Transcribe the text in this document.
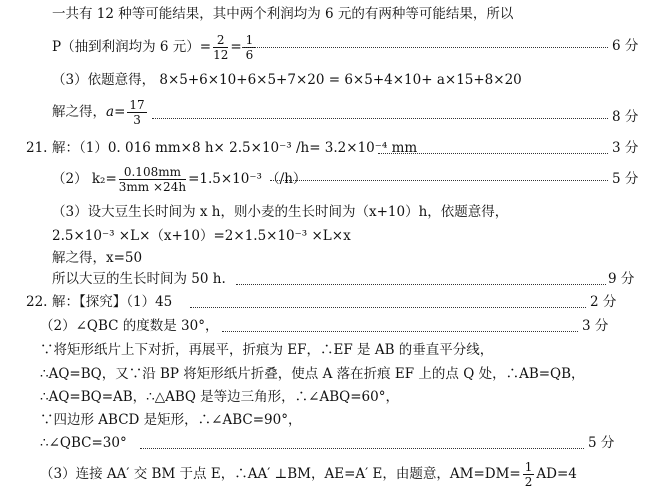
一共有 12 种等可能结果，其中两个利润均为 6 元的有两种等可能结果，所以
P（抽到利润均为 6 元）= $\frac{2}{12} = \frac{1}{6}$	6 分
（3）依题意得， 8×5+6×10+6×5+7×20 = 6×5+4×10+ a×15+8×20
解之得，$a= \frac{17}{3}$	8 分
21. 解：（1）0. 016 mm×8 h× 2.5×10⁻³ /h= 3.2×10⁻⁴ mm	3 分
（2） $k_2= \frac{0.108mm}{3mm \times 24h} =1.5\times 10^{-3}$ （/h）	5 分
（3）设大豆生长时间为 x h，则小麦的生长时间为（x+10）h，依题意得，
2.5×10⁻³ ×L×（x+10）=2×1.5×10⁻³ ×L×x
解之得，x=50
所以大豆的生长时间为 50 h.	9 分
22. 解：【探究】（1）45	2 分
（2）∠QBC 的度数是 30°，	3 分
∵将矩形纸片上下对折，再展平，折痕为 EF，∴EF 是 AB 的垂直平分线，
∴AQ=BQ，又∵沿 BP 将矩形纸片折叠，使点 A 落在折痕 EF 上的点 Q 处，∴AB=QB，
∴AQ=BQ=AB，∴△ABQ 是等边三角形，∴∠ABQ=60°，
∵四边形 ABCD 是矩形，∴∠ABC=90°，
∴∠QBC=30°	5 分
（3）连接 AA′ 交 BM 于点 E，∴AA′ ⊥BM，AE=A′ E，由题意，$AM=DM= \frac{1}{2} AD=4$
